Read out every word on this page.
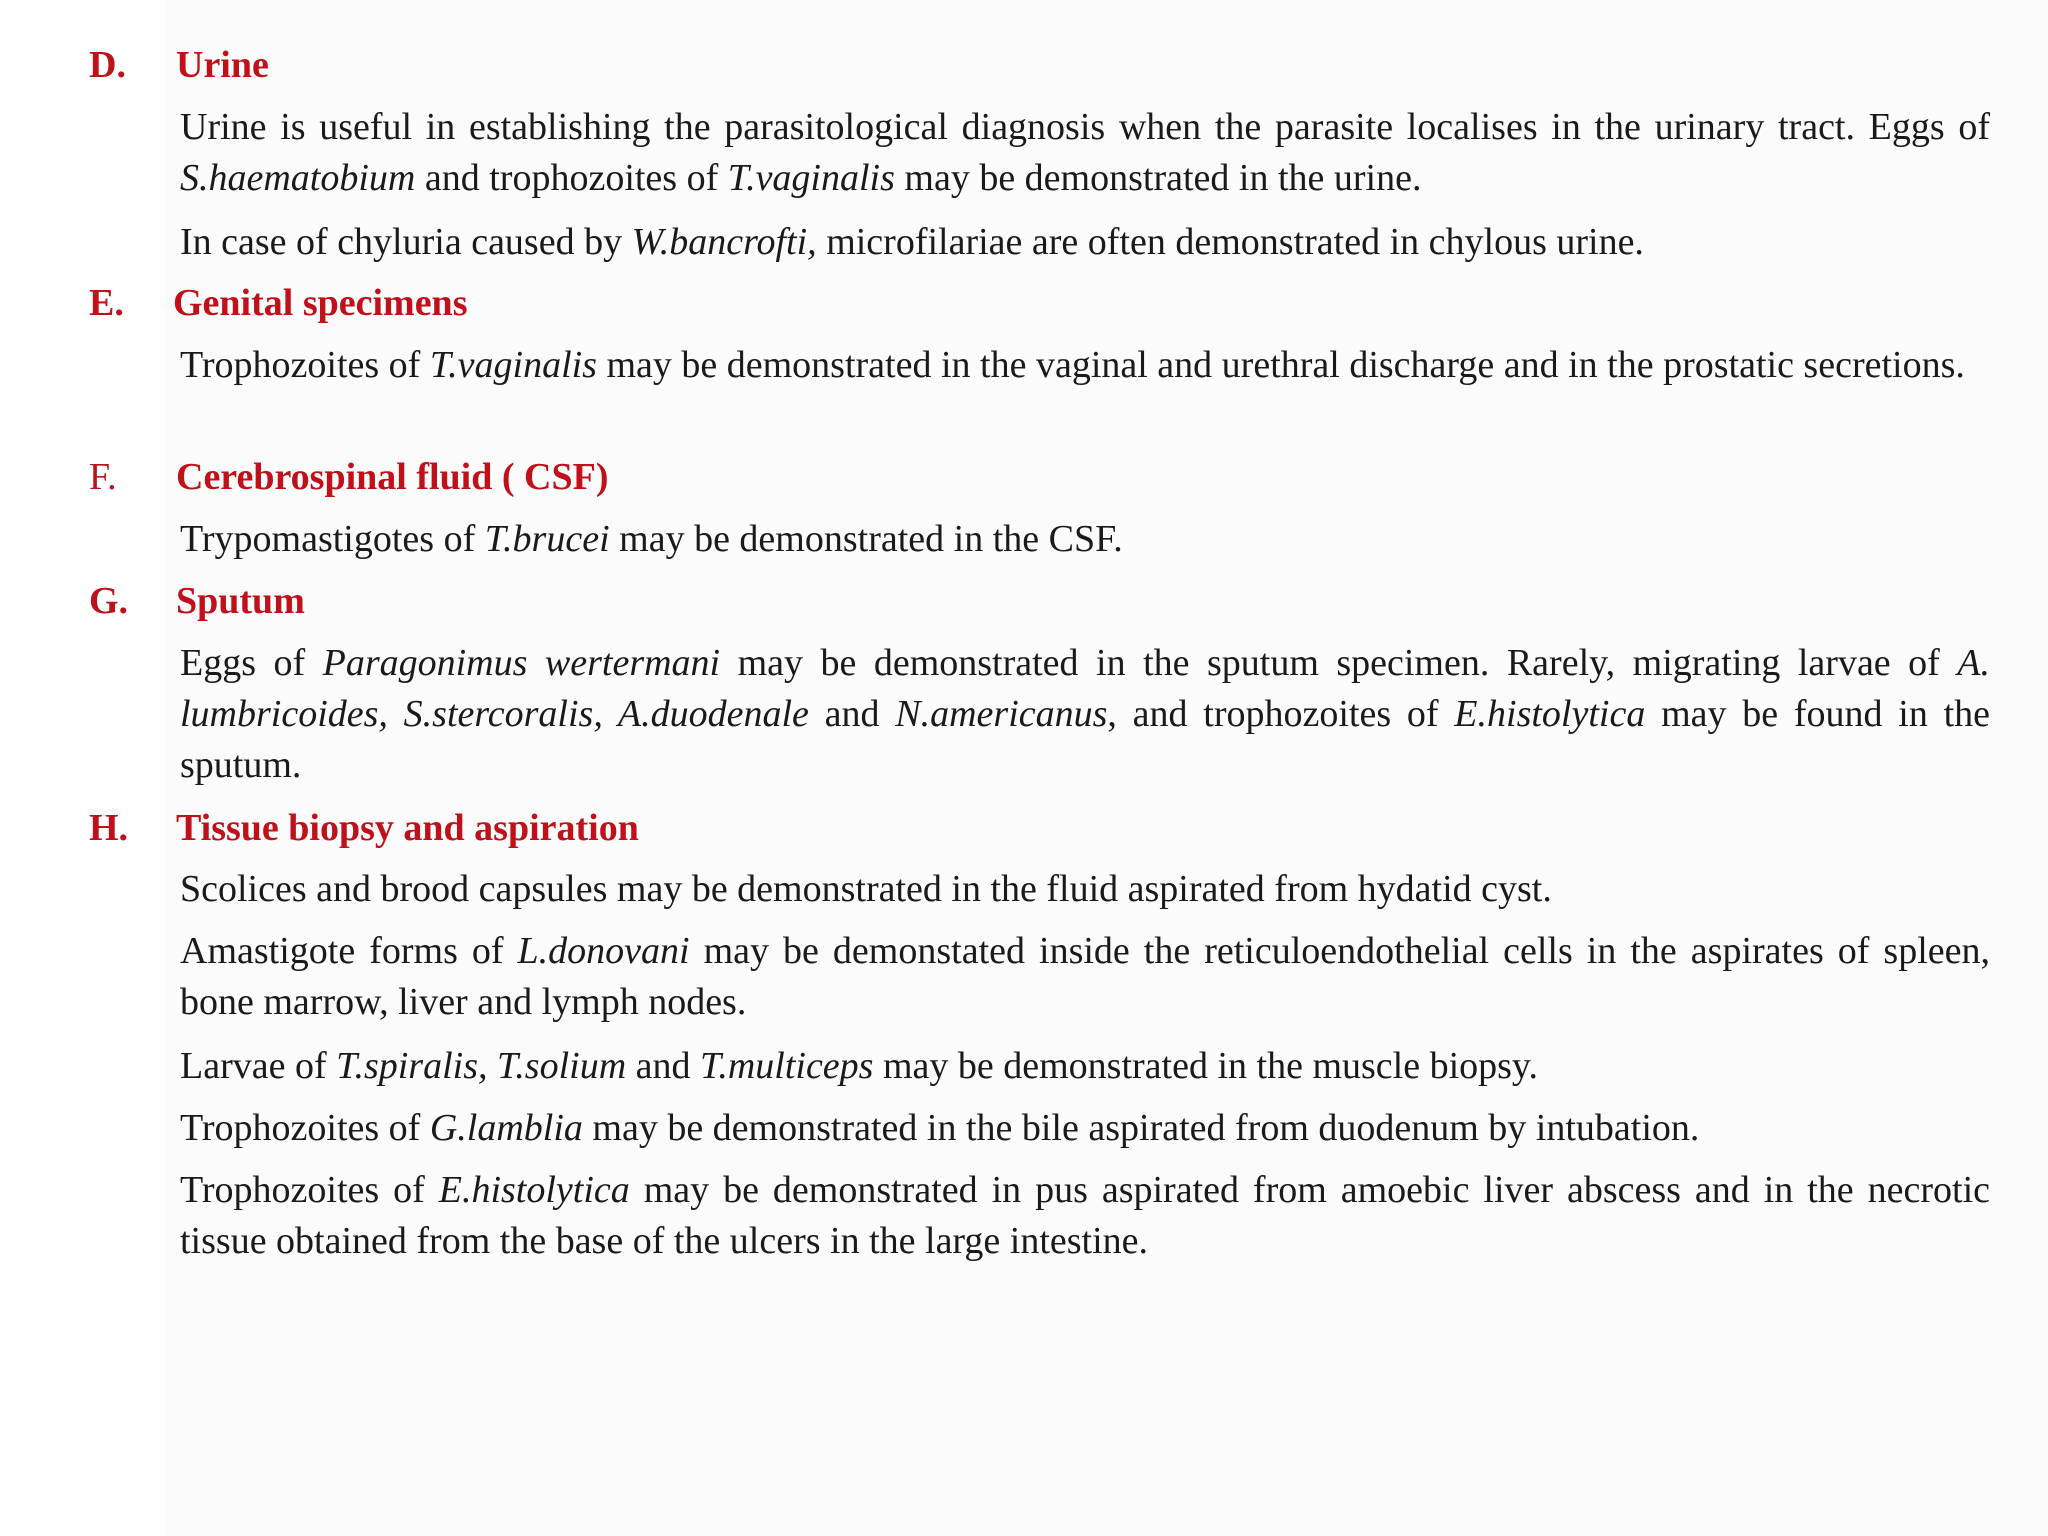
D. Urine
Urine is useful in establishing the parasitological diagnosis when the parasite localises in the urinary tract. Eggs of S.haematobium and trophozoites of T.vaginalis may be demonstrated in the urine.
In case of chyluria caused by W.bancrofti, microfilariae are often demonstrated in chylous urine.
E. Genital specimens
Trophozoites of T.vaginalis may be demonstrated in the vaginal and urethral discharge and in the prostatic secretions.
F. Cerebrospinal fluid ( CSF)
Trypomastigotes of T.brucei may be demonstrated in the CSF.
G. Sputum
Eggs of Paragonimus wertermani may be demonstrated in the sputum specimen. Rarely, migrating larvae of A. lumbricoides, S.stercoralis, A.duodenale and N.americanus, and trophozoites of E.histolytica may be found in the sputum.
H. Tissue biopsy and aspiration
Scolices and brood capsules may be demonstrated in the fluid aspirated from hydatid cyst.
Amastigote forms of L.donovani may be demonstated inside the reticuloendothelial cells in the aspirates of spleen, bone marrow, liver and lymph nodes.
Larvae of T.spiralis, T.solium and T.multiceps may be demonstrated in the muscle biopsy.
Trophozoites of G.lamblia may be demonstrated in the bile aspirated from duodenum by intubation.
Trophozoites of E.histolytica may be demonstrated in pus aspirated from amoebic liver abscess and in the necrotic tissue obtained from the base of the ulcers in the large intestine.
